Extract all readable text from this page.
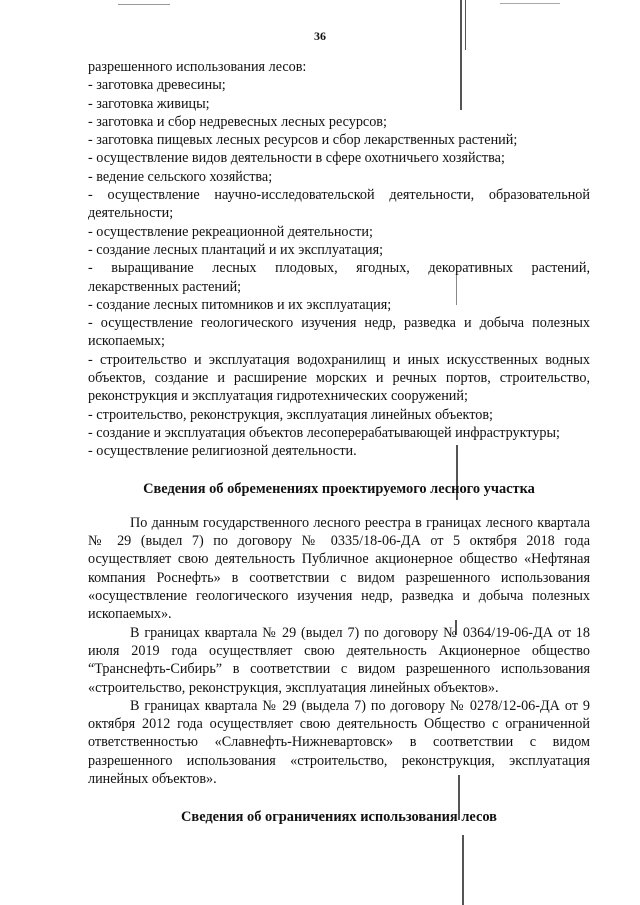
36

разрешенного использования лесов:

- заготовка древесины;

- заготовка живицы;

- заготовка и сбор недревесных лесных ресурсов;

- заготовка пищевых лесных ресурсов и сбор лекарственных растений;

- осуществление видов деятельности в сфере охотничьего хозяйства;

- ведение сельского хозяйства;

- осуществление научно-исследовательской деятельности, образовательной деятельности;

- осуществление рекреационной деятельности;

- создание лесных плантаций и их эксплуатация;

- выращивание лесных плодовых, ягодных, декоративных растений, лекарственных растений;

- создание лесных питомников и их эксплуатация;

- осуществление геологического изучения недр, разведка и добыча полезных ископаемых;

- строительство и эксплуатация водохранилищ и иных искусственных водных объектов, создание и расширение морских и речных портов, строительство, реконструкция и эксплуатация гидротехнических сооружений;

- строительство, реконструкция, эксплуатация линейных объектов;

- создание и эксплуатация объектов лесоперерабатывающей инфраструктуры;

- осуществление религиозной деятельности.

Сведения об обременениях проектируемого лесного участка

По данным государственного лесного реестра в границах лесного квартала № 29 (выдел 7) по договору № 0335/18-06-ДА от 5 октября 2018 года осуществляет свою деятельность Публичное акционерное общество «Нефтяная компания Роснефть» в соответствии с видом разрешенного использования «осуществление геологического изучения недр, разведка и добыча полезных ископаемых».

В границах квартала № 29 (выдел 7) по договору № 0364/19-06-ДА от 18 июля 2019 года осуществляет свою деятельность Акционерное общество “Транснефть-Сибирь” в соответствии с видом разрешенного использования «строительство, реконструкция, эксплуатация линейных объектов».

В границах квартала № 29 (выдела 7) по договору № 0278/12-06-ДА от 9 октября 2012 года осуществляет свою деятельность Общество с ограниченной ответственностью «Славнефть-Нижневартовск» в соответствии с видом разрешенного использования «строительство, реконструкция, эксплуатация линейных объектов».

Сведения об ограничениях использования лесов
